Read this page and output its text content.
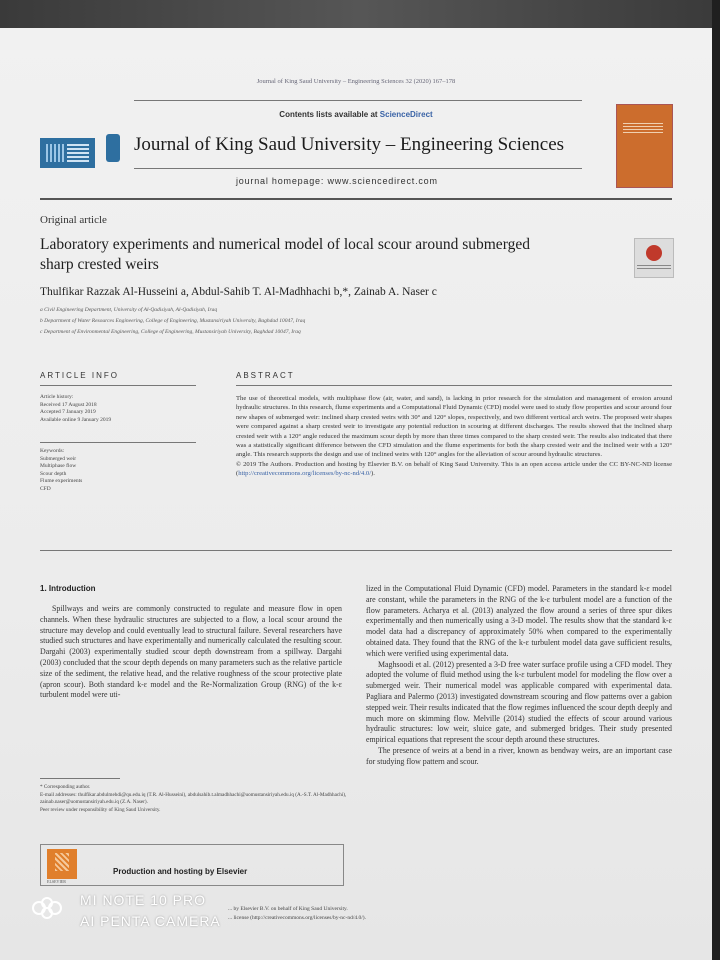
Journal of King Saud University – Engineering Sciences 32 (2020) 167–178
Contents lists available at ScienceDirect
Journal of King Saud University – Engineering Sciences
journal homepage: www.sciencedirect.com
Original article
Laboratory experiments and numerical model of local scour around submerged sharp crested weirs
Thulfikar Razzak Al-Husseini a, Abdul-Sahib T. Al-Madhhachi b,*, Zainab A. Naser c
a Civil Engineering Department, University of Al-Qadisiyah, Al-Qadisiyah, Iraq
b Department of Water Resources Engineering, College of Engineering, Mustansiriyah University, Baghdad 10047, Iraq
c Department of Environmental Engineering, College of Engineering, Mustansiriyah University, Baghdad 10047, Iraq
ARTICLE INFO
Article history:
Received 17 August 2018
Accepted 7 January 2019
Available online 9 January 2019
Keywords:
Submerged weir
Multiphase flow
Scour depth
Flume experiments
CFD
ABSTRACT
The use of theoretical models, with multiphase flow (air, water, and sand), is lacking in prior research for the simulation and management of erosion around hydraulic structures. In this research, flume experiments and a Computational Fluid Dynamic (CFD) model were used to study flow properties and scour around four new shapes of submerged weir: inclined sharp crested weirs with 30° and 120° slopes, respectively, and two different vertical arch weirs. The proposed weir shapes were compared against a sharp crested weir to investigate any potential reduction in scouring at different discharges. The results showed that the inclined sharp crested weir with a 120° angle reduced the maximum scour depth by more than three times compared to the sharp crested weir. The results also indicated that there was a statistically significant difference between the CFD simulation and the flume experiments for both the sharp crested weir and the inclined weir with a 120° angle. This research supports the design and use of inclined weirs with 120° angles for the alleviation of scour around hydraulic structures.
© 2019 The Authors. Production and hosting by Elsevier B.V. on behalf of King Saud University. This is an open access article under the CC BY-NC-ND license (http://creativecommons.org/licenses/by-nc-nd/4.0/).
1. Introduction

Spillways and weirs are commonly constructed to regulate and measure flow in open channels. When these hydraulic structures are subjected to a flow, a local scour around the structure may develop and could eventually lead to structural failure. Several researchers have studied such structures and have experimentally and numerically calculated the resulting scour. Dargahi (2003) experimentally studied scour depth downstream from a spillway. Dargahi (2003) concluded that the scour depth depends on many parameters such as the relative particle size of the sediment, the relative head, and the relative roughness of the scour protective plate (apron scour). Both standard k-ε model and the Re-Normalization Group (RNG) of the k-ε turbulent model were uti-

lized in the Computational Fluid Dynamic (CFD) model. Parameters in the standard k-ε model are constant, while the parameters in the RNG of the k-ε turbulent model are a function of the flow parameters. Acharya et al. (2013) analyzed the flow around a series of three spur dikes experimentally and then numerically using a 3-D model. The results show that the standard k-ε model data had a discrepancy of approximately 50% when compared to the experimentally obtained data. They found that the RNG of the k-ε turbulent model data gave sufficient results, which were verified using experimental data.

Maghsoodi et al. (2012) presented a 3-D free water surface profile using a CFD model. They adopted the volume of fluid method using the k-ε turbulent model for modeling the flow over a submerged weir. Their numerical model was applicable compared with experimental data. Pagliara and Palermo (2013) investigated downstream scouring and flow patterns over a gabion stepped weir. Their results indicated that the flow regimes influenced the scour depth deeply and much more on skimming flow. Melville (2014) studied the effects of scour around various hydraulic structures: low weir, sluice gate, and submerged bridges. Their study presented empirical equations that represent the scour depth around these structures.

The presence of weirs at a bend in a river, known as bendway weirs, are an important case for studying flow pattern and scour.

* Corresponding author.
E-mail addresses: thulfikar.abdulmehdi@qu.edu.iq (T.R. Al-Husseini), abdulsahib.t.almadhhachi@uomustansiriyah.edu.iq (A.-S.T. Al-Madhhachi), zainab.naser@uomustansiriyah.edu.iq (Z.A. Naser).
Peer review under responsibility of King Saud University.
ELSEVIER
Production and hosting by Elsevier
... by Elsevier B.V. on behalf of King Saud University.
... license (http://creativecommons.org/licenses/by-nc-nd/4.0/).
MI NOTE 10 PRO
AI PENTA CAMERA
